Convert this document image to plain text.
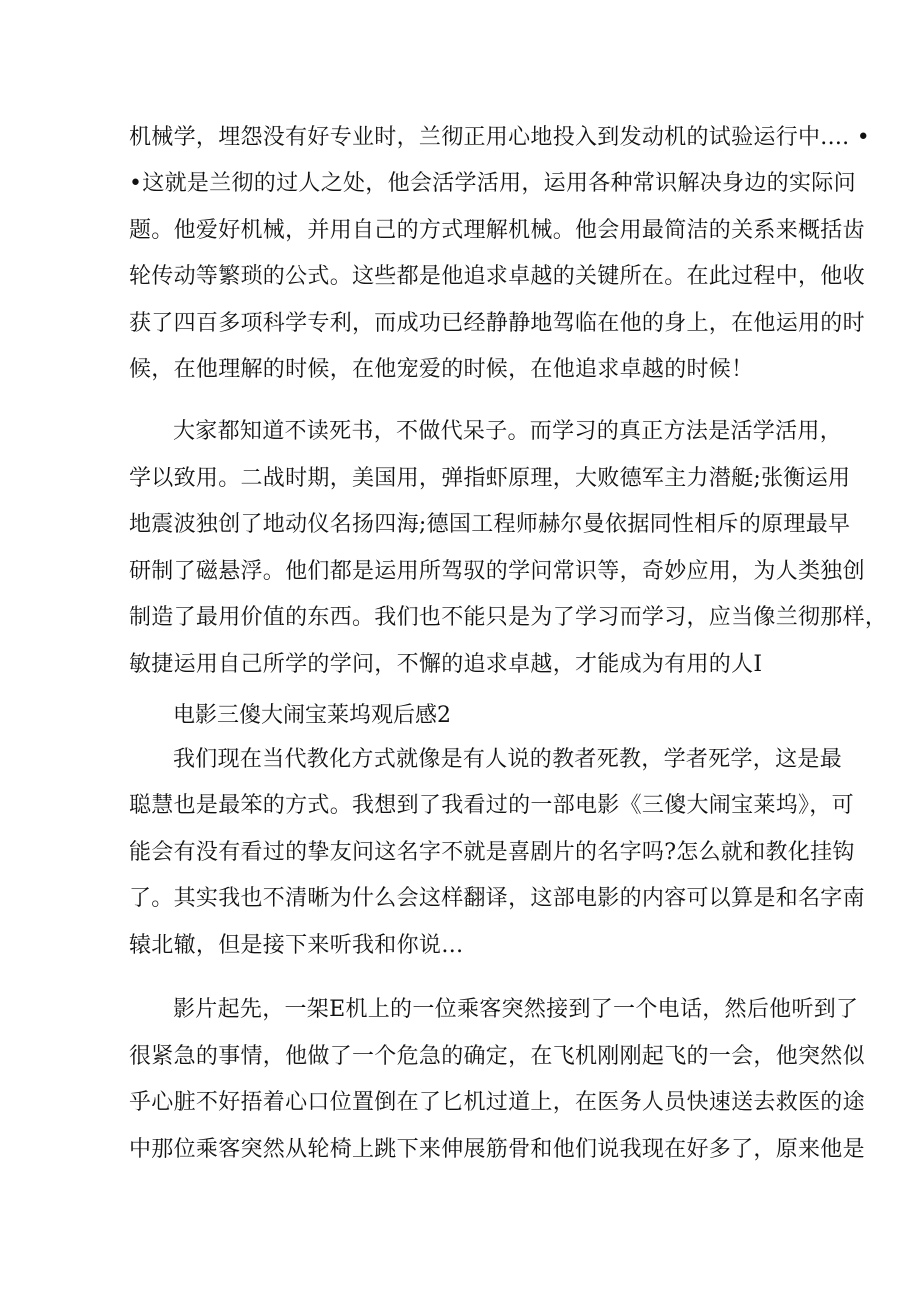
机械学，埋怨没有好专业时，兰彻正用心地投入到发动机的试验运行中.... •
•这就是兰彻的过人之处，他会活学活用，运用各种常识解决身边的实际问
题。他爱好机械，并用自己的方式理解机械。他会用最简洁的关系来概括齿
轮传动等繁琐的公式。这些都是他追求卓越的关键所在。在此过程中，他收
获了四百多项科学专利，而成功已经静静地驾临在他的身上，在他运用的时
候，在他理解的时候，在他宠爱的时候，在他追求卓越的时候！
大家都知道不读死书，不做代呆子。而学习的真正方法是活学活用，
学以致用。二战时期，美国用，弹指虾原理，大败德军主力潜艇;张衡运用
地震波独创了地动仪名扬四海;德国工程师赫尔曼依据同性相斥的原理最早
研制了磁悬浮。他们都是运用所驾驭的学问常识等，奇妙应用，为人类独创
制造了最用价值的东西。我们也不能只是为了学习而学习，应当像兰彻那样，
敏捷运用自己所学的学问，不懈的追求卓越，才能成为有用的人I
电影三傻大闹宝莱坞观后感2
我们现在当代教化方式就像是有人说的教者死教，学者死学，这是最
聪慧也是最笨的方式。我想到了我看过的一部电影《三傻大闹宝莱坞》，可
能会有没有看过的挚友问这名字不就是喜剧片的名字吗?怎么就和教化挂钩
了。其实我也不清晰为什么会这样翻译，这部电影的内容可以算是和名字南
辕北辙，但是接下来听我和你说…
影片起先，一架E机上的一位乘客突然接到了一个电话，然后他听到了
很紧急的事情，他做了一个危急的确定，在飞机刚刚起飞的一会，他突然似
乎心脏不好捂着心口位置倒在了匕机过道上，在医务人员快速送去救医的途
中那位乘客突然从轮椅上跳下来伸展筋骨和他们说我现在好多了，原来他是
